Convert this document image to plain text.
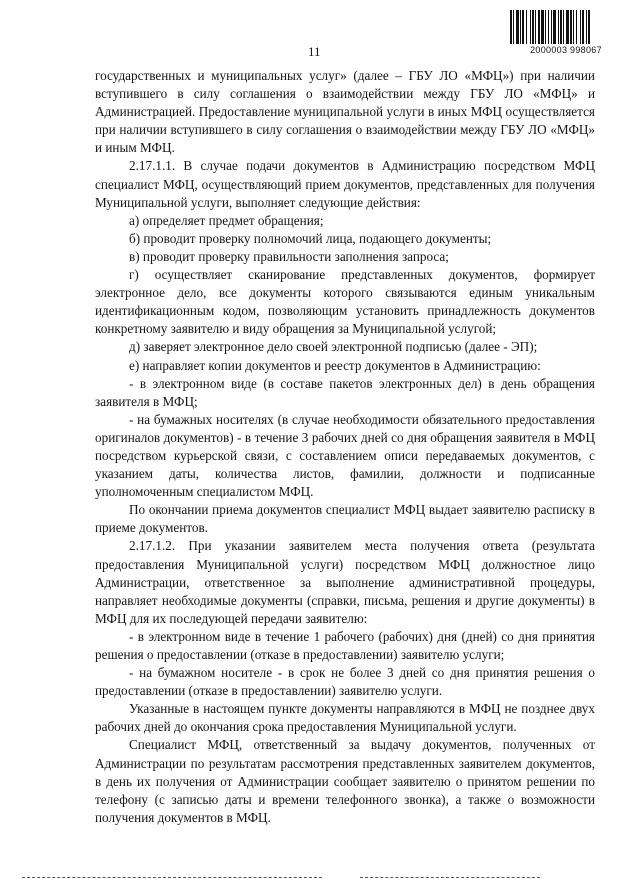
11	2000003 998067

государственных и муниципальных услуг» (далее – ГБУ ЛО «МФЦ») при наличии вступившего в силу соглашения о взаимодействии между ГБУ ЛО «МФЦ» и Администрацией. Предоставление муниципальной услуги в иных МФЦ осуществляется при наличии вступившего в силу соглашения о взаимодействии между ГБУ ЛО «МФЦ» и иным МФЦ.

2.17.1.1. В случае подачи документов в Администрацию посредством МФЦ специалист МФЦ, осуществляющий прием документов, представленных для получения Муниципальной услуги, выполняет следующие действия:

а) определяет предмет обращения;

б) проводит проверку полномочий лица, подающего документы;

в) проводит проверку правильности заполнения запроса;

г) осуществляет сканирование представленных документов, формирует электронное дело, все документы которого связываются единым уникальным идентификационным кодом, позволяющим установить принадлежность документов конкретному заявителю и виду обращения за Муниципальной услугой;

д) заверяет электронное дело своей электронной подписью (далее - ЭП);

е) направляет копии документов и реестр документов в Администрацию:

- в электронном виде (в составе пакетов электронных дел) в день обращения заявителя в МФЦ;

- на бумажных носителях (в случае необходимости обязательного предоставления оригиналов документов) - в течение 3 рабочих дней со дня обращения заявителя в МФЦ посредством курьерской связи, с составлением описи передаваемых документов, с указанием даты, количества листов, фамилии, должности и подписанные уполномоченным специалистом МФЦ.

По окончании приема документов специалист МФЦ выдает заявителю расписку в приеме документов.

2.17.1.2. При указании заявителем места получения ответа (результата предоставления Муниципальной услуги) посредством МФЦ должностное лицо Администрации, ответственное за выполнение административной процедуры, направляет необходимые документы (справки, письма, решения и другие документы) в МФЦ для их последующей передачи заявителю:

- в электронном виде в течение 1 рабочего (рабочих) дня (дней) со дня принятия решения о предоставлении (отказе в предоставлении) заявителю услуги;

- на бумажном носителе - в срок не более 3 дней со дня принятия решения о предоставлении (отказе в предоставлении) заявителю услуги.

Указанные в настоящем пункте документы направляются в МФЦ не позднее двух рабочих дней до окончания срока предоставления Муниципальной услуги.

Специалист МФЦ, ответственный за выдачу документов, полученных от Администрации по результатам рассмотрения представленных заявителем документов, в день их получения от Администрации сообщает заявителю о принятом решении по телефону (с записью даты и времени телефонного звонка), а также о возможности получения документов в МФЦ.
